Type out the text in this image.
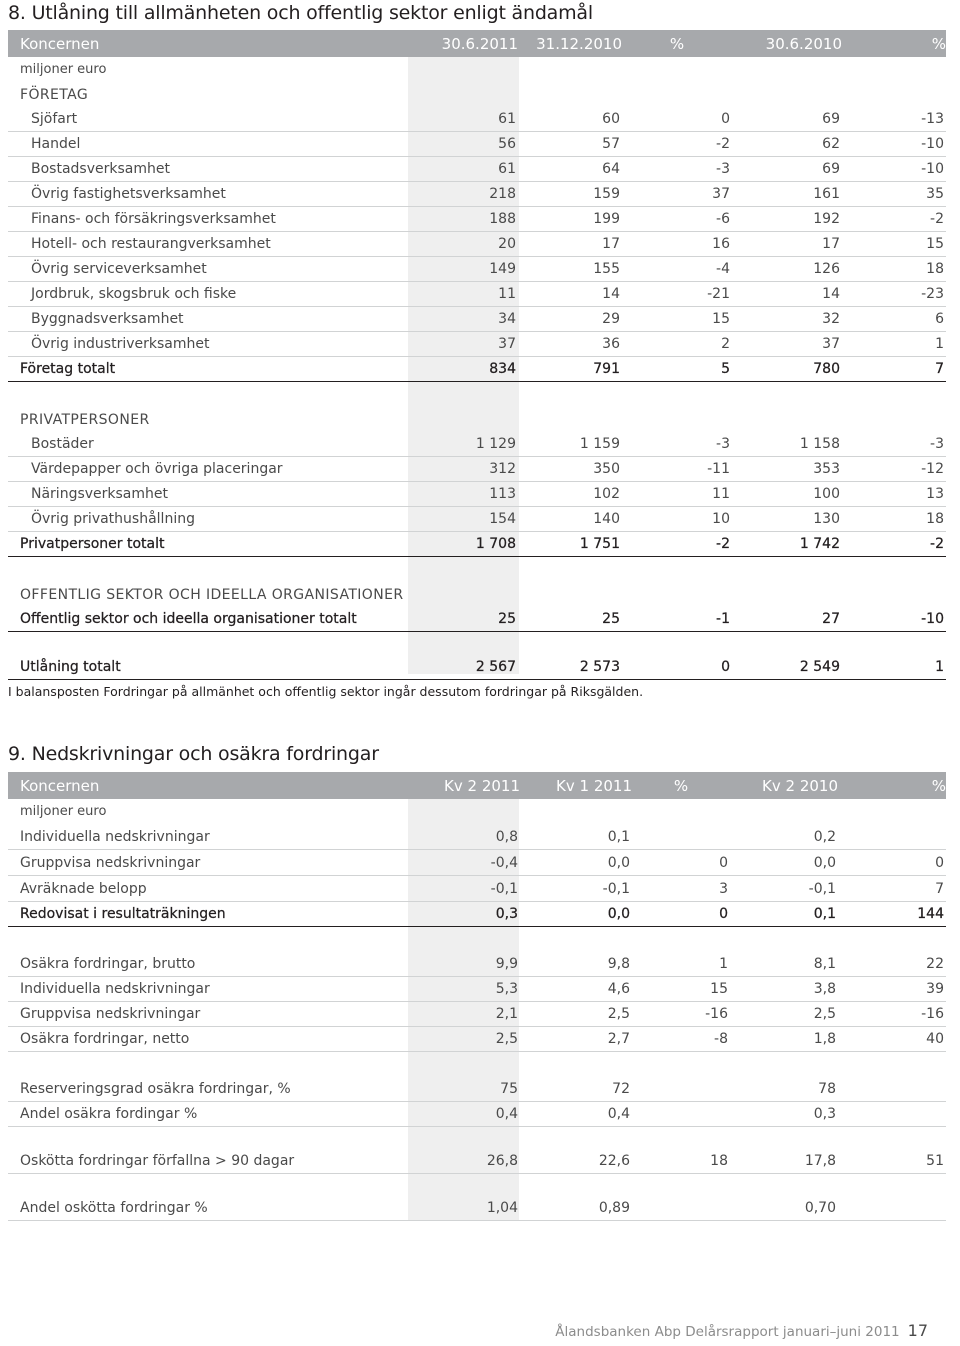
8. Utlåning till allmänheten och offentlig sektor enligt ändamål
Koncernen	30.6.2011	31.12.2010	%	30.6.2010	%
miljoner euro					
FÖRETAG					
Sjöfart	61	60	0	69	-13
Handel	56	57	-2	62	-10
Bostadsverksamhet	61	64	-3	69	-10
Övrig fastighetsverksamhet	218	159	37	161	35
Finans- och försäkringsverksamhet	188	199	-6	192	-2
Hotell- och restaurangverksamhet	20	17	16	17	15
Övrig serviceverksamhet	149	155	-4	126	18
Jordbruk, skogsbruk och fiske	11	14	-21	14	-23
Byggnadsverksamhet	34	29	15	32	6
Övrig industriverksamhet	37	36	2	37	1
Företag totalt	834	791	5	780	7

PRIVATPERSONER					
Bostäder	1 129	1 159	-3	1 158	-3
Värdepapper och övriga placeringar	312	350	-11	353	-12
Näringsverksamhet	113	102	11	100	13
Övrig privathushållning	154	140	10	130	18
Privatpersoner totalt	1 708	1 751	-2	1 742	-2

OFFENTLIG SEKTOR OCH IDEELLA ORGANISATIONER					
Offentlig sektor och ideella organisationer totalt	25	25	-1	27	-10

Utlåning totalt	2 567	2 573	0	2 549	1
I balansposten Fordringar på allmänhet och offentlig sektor ingår dessutom fordringar på Riksgälden.
9. Nedskrivningar och osäkra fordringar
Koncernen	Kv 2 2011	Kv 1 2011	%	Kv 2 2010	%
miljoner euro					
Individuella nedskrivningar	0,8	0,1		0,2	
Gruppvisa nedskrivningar	-0,4	0,0	0	0,0	0
Avräknade belopp	-0,1	-0,1	3	-0,1	7
Redovisat i resultaträkningen	0,3	0,0	0	0,1	144

Osäkra fordringar, brutto	9,9	9,8	1	8,1	22
Individuella nedskrivningar	5,3	4,6	15	3,8	39
Gruppvisa nedskrivningar	2,1	2,5	-16	2,5	-16
Osäkra fordringar, netto	2,5	2,7	-8	1,8	40

Reserveringsgrad osäkra fordringar, %	75	72		78	
Andel osäkra fordingar %	0,4	0,4		0,3	

Oskötta fordringar förfallna > 90 dagar	26,8	22,6	18	17,8	51

Andel oskötta fordringar %	1,04	0,89		0,70	
Ålandsbanken Abp Delårsrapport januari–juni 2011 17
